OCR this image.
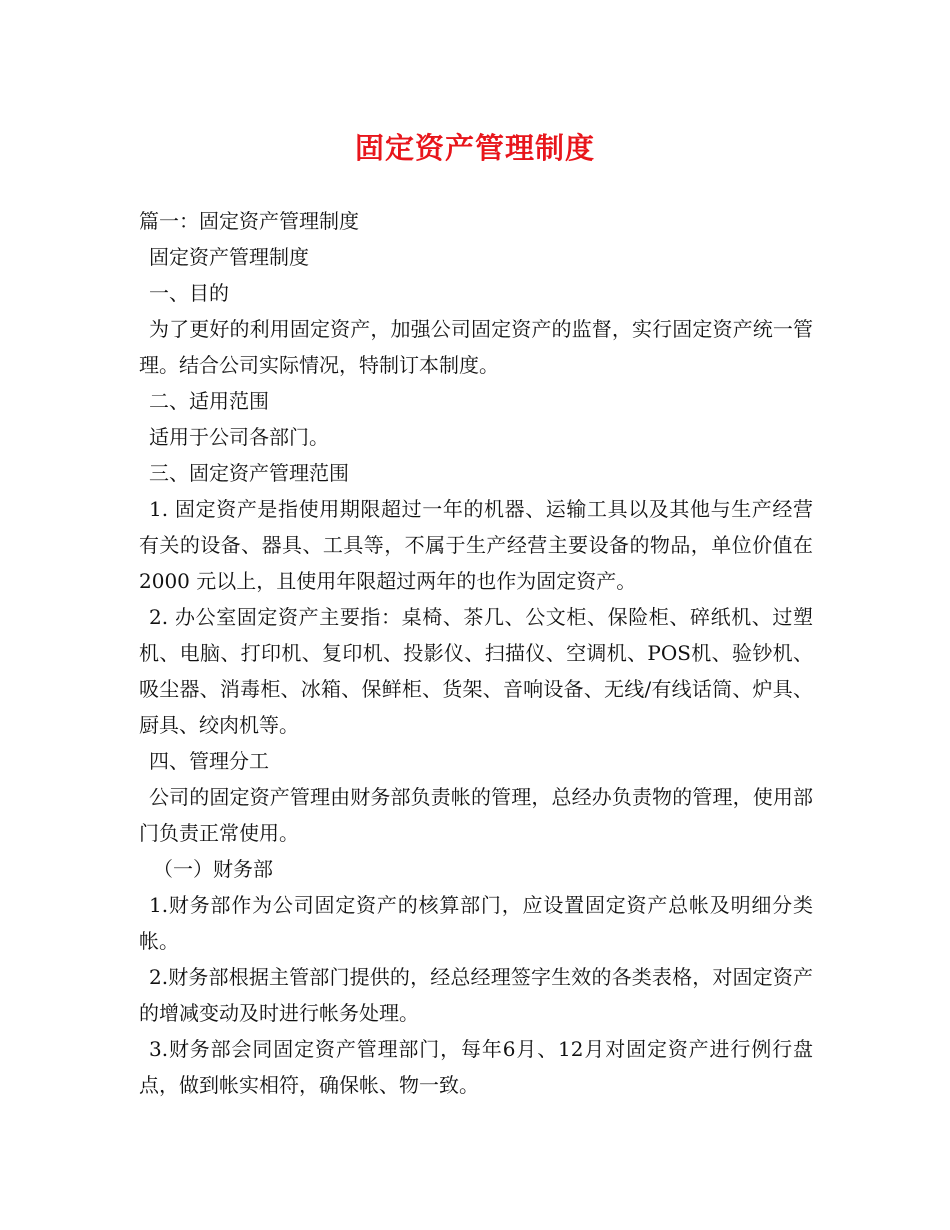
固定资产管理制度

篇一：固定资产管理制度

固定资产管理制度

一、目的

为了更好的利用固定资产，加强公司固定资产的监督，实行固定资产统一管理。结合公司实际情况，特制订本制度。

二、适用范围

适用于公司各部门。

三、固定资产管理范围

1. 固定资产是指使用期限超过一年的机器、运输工具以及其他与生产经营有关的设备、器具、工具等，不属于生产经营主要设备的物品，单位价值在2000 元以上，且使用年限超过两年的也作为固定资产。

2. 办公室固定资产主要指：桌椅、茶几、公文柜、保险柜、碎纸机、过塑机、电脑、打印机、复印机、投影仪、扫描仪、空调机、POS机、验钞机、吸尘器、消毒柜、冰箱、保鲜柜、货架、音响设备、无线/有线话筒、炉具、厨具、绞肉机等。

四、管理分工

公司的固定资产管理由财务部负责帐的管理，总经办负责物的管理，使用部门负责正常使用。

（一）财务部

1.财务部作为公司固定资产的核算部门，应设置固定资产总帐及明细分类帐。

2.财务部根据主管部门提供的，经总经理签字生效的各类表格，对固定资产的增减变动及时进行帐务处理。

3.财务部会同固定资产管理部门，每年6月、12月对固定资产进行例行盘点，做到帐实相符，确保帐、物一致。
